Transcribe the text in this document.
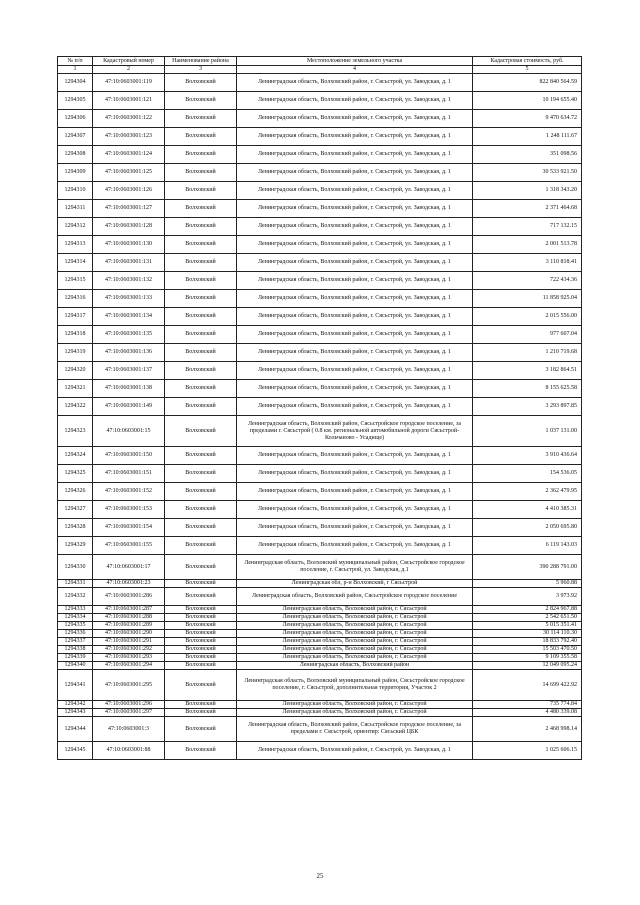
№ п/п	Кадастровый номер	Наименование района	Местоположение земельного участка	Кадастровая стоимость, руб.
1	2	3	4	5
1294304	47:10:0603001:119	Волховский	Ленинградская область, Волховский район, г. Сясьстрой, ул. Заводская, д. 1	822 840 564.59
1294305	47:10:0603001:121	Волховский	Ленинградская область, Волховский район, г. Сясьстрой, ул. Заводская, д. 1	10 194 655.40
1294306	47:10:0603001:122	Волховский	Ленинградская область, Волховский район, г. Сясьстрой, ул. Заводская, д. 1	9 470 634.72
1294307	47:10:0603001:123	Волховский	Ленинградская область, Волховский район, г. Сясьстрой, ул. Заводская, д. 1	1 248 111.67
1294308	47:10:0603001:124	Волховский	Ленинградская область, Волховский район, г. Сясьстрой, ул. Заводская, д. 1	351 098.56
1294309	47:10:0603001:125	Волховский	Ленинградская область, Волховский район, г. Сясьстрой, ул. Заводская, д. 1	30 533 921.50
1294310	47:10:0603001:126	Волховский	Ленинградская область, Волховский район, г. Сясьстрой, ул. Заводская, д. 1	1 318 343.20
1294311	47:10:0603001:127	Волховский	Ленинградская область, Волховский район, г. Сясьстрой, ул. Заводская, д. 1	2 371 464.68
1294312	47:10:0603001:128	Волховский	Ленинградская область, Волховский район, г. Сясьстрой, ул. Заводская, д. 1	717 132.15
1294313	47:10:0603001:130	Волховский	Ленинградская область, Волховский район, г. Сясьстрой, ул. Заводская, д. 1	2 001 513.78
1294314	47:10:0603001:131	Волховский	Ленинградская область, Волховский район, г. Сясьстрой, ул. Заводская, д. 1	3 110 818.41
1294315	47:10:0603001:132	Волховский	Ленинградская область, Волховский район, г. Сясьстрой, ул. Заводская, д. 1	722 434.36
1294316	47:10:0603001:133	Волховский	Ленинградская область, Волховский район, г. Сясьстрой, ул. Заводская, д. 1	11 858 925.04
1294317	47:10:0603001:134	Волховский	Ленинградская область, Волховский район, г. Сясьстрой, ул. Заводская, д. 1	2 015 556.00
1294318	47:10:0603001:135	Волховский	Ленинградская область, Волховский район, г. Сясьстрой, ул. Заводская, д. 1	977 607.04
1294319	47:10:0603001:136	Волховский	Ленинградская область, Волховский район, г. Сясьстрой, ул. Заводская, д. 1	1 210 719.68
1294320	47:10:0603001:137	Волховский	Ленинградская область, Волховский район, г. Сясьстрой, ул. Заводская, д. 1	3 182 864.51
1294321	47:10:0603001:138	Волховский	Ленинградская область, Волховский район, г. Сясьстрой, ул. Заводская, д. 1	8 155 625.58
1294322	47:10:0603001:149	Волховский	Ленинградская область, Волховский район, г. Сясьстрой, ул. Заводская, д. 1	3 293 897.85
1294323	47:10:0603001:15	Волховский	Ленинградская область, Волховский район, Сясьстройское городское поселение, за пределами г. Сясьстрой ( 0.8 км. региональной автомобильной дороги Сясьстрой-Кольчаново - Усадище)	1 037 131.00
1294324	47:10:0603001:150	Волховский	Ленинградская область, Волховский район, г. Сясьстрой, ул. Заводская, д. 1	3 910 436.64
1294325	47:10:0603001:151	Волховский	Ленинградская область, Волховский район, г. Сясьстрой, ул. Заводская, д. 1	154 536.05
1294326	47:10:0603001:152	Волховский	Ленинградская область, Волховский район, г. Сясьстрой, ул. Заводская, д. 1	2 362 479.95
1294327	47:10:0603001:153	Волховский	Ленинградская область, Волховский район, г. Сясьстрой, ул. Заводская, д. 1	4 410 385.31
1294328	47:10:0603001:154	Волховский	Ленинградская область, Волховский район, г. Сясьстрой, ул. Заводская, д. 1	2 050 695.80
1294329	47:10:0603001:155	Волховский	Ленинградская область, Волховский район, г. Сясьстрой, ул. Заводская, д. 1	6 119 143.03
1294330	47:10:0603001:17	Волховский	Ленинградская область, Волховский муниципальный район, Сясьстройское городское поселение, г. Сясьстрой, ул. Заводская, д.1	390 288 791.00
1294331	47:10:0603001:23	Волховский	Ленинградская обл, р-н Волховский, г Сясьстрой	5 960.88
1294332	47:10:0603001:286	Волховский	Ленинградская область, Волховский район, Сясьстройское городское поселение	3 973.92
1294333	47:10:0603001:287	Волховский	Ленинградская область, Волховский район, г. Сясьстрой	2 824 967.88
1294334	47:10:0603001:288	Волховский	Ленинградская область, Волховский район, г. Сясьстрой	2 542 651.50
1294335	47:10:0603001:289	Волховский	Ленинградская область, Волховский район, г. Сясьстрой	5 015 351.41
1294336	47:10:0603001:290	Волховский	Ленинградская область, Волховский район, г. Сясьстрой	30 114 110.30
1294337	47:10:0603001:291	Волховский	Ленинградская область, Волховский район, г. Сясьстрой	18 833 792.40
1294338	47:10:0603001:292	Волховский	Ленинградская область, Волховский район, г. Сясьстрой	15 503 470.50
1294339	47:10:0603001:293	Волховский	Ленинградская область, Волховский район, г. Сясьстрой	9 109 355.58
1294340	47:10:0603001:294	Волховский	Ленинградская область, Волховский район	12 049 095.24
1294341	47:10:0603001:295	Волховский	Ленинградская область, Волховский муниципальный район, Сясьстройское городское поселение, г. Сясьстрой, дополнительная территория, Участок 2	14 699 422.92
1294342	47:10:0603001:296	Волховский	Ленинградская область, Волховский район, г. Сясьстрой	735 774.84
1294343	47:10:0603001:297	Волховский	Ленинградская область, Волховский район, г. Сясьстрой	4 480 339.08
1294344	47:10:0603001:3	Волховский	Ленинградская область, Волховский район, Сясьстройское городское поселение, за пределами г. Сясьстрой, ориентир: Сясьский ЦБК	2 468 998.14
1294345	47:10:0603001:88	Волховский	Ленинградская область, Волховский район, г. Сясьстрой, ул. Заводская, д. 1	1 025 606.15
25
